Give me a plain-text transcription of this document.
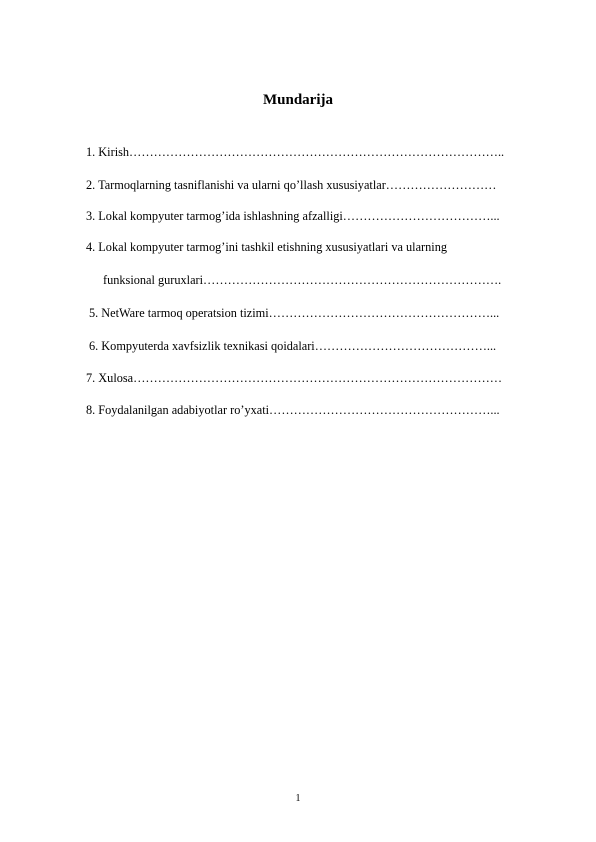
Mundarija
1. Kirish………………………………………………………………………………..
2. Tarmoqlarning tasniflanishi va ularni qo’llash xususiyatlar………………………
3. Lokal kompyuter tarmog’ida ishlashning afzalligi………………………………...
4. Lokal kompyuter tarmog’ini tashkil etishning xususiyatlari va ularning
funksional guruxlari……………………………………………………………….
5. NetWare tarmoq operatsion tizimi………………………………………………...
6. Kompyuterda xavfsizlik texnikasi qoidalari……………………………………...
7. Xulosa………………………………………………………………………………
8. Foydalanilgan adabiyotlar ro’yxati………………………………………………...
1
